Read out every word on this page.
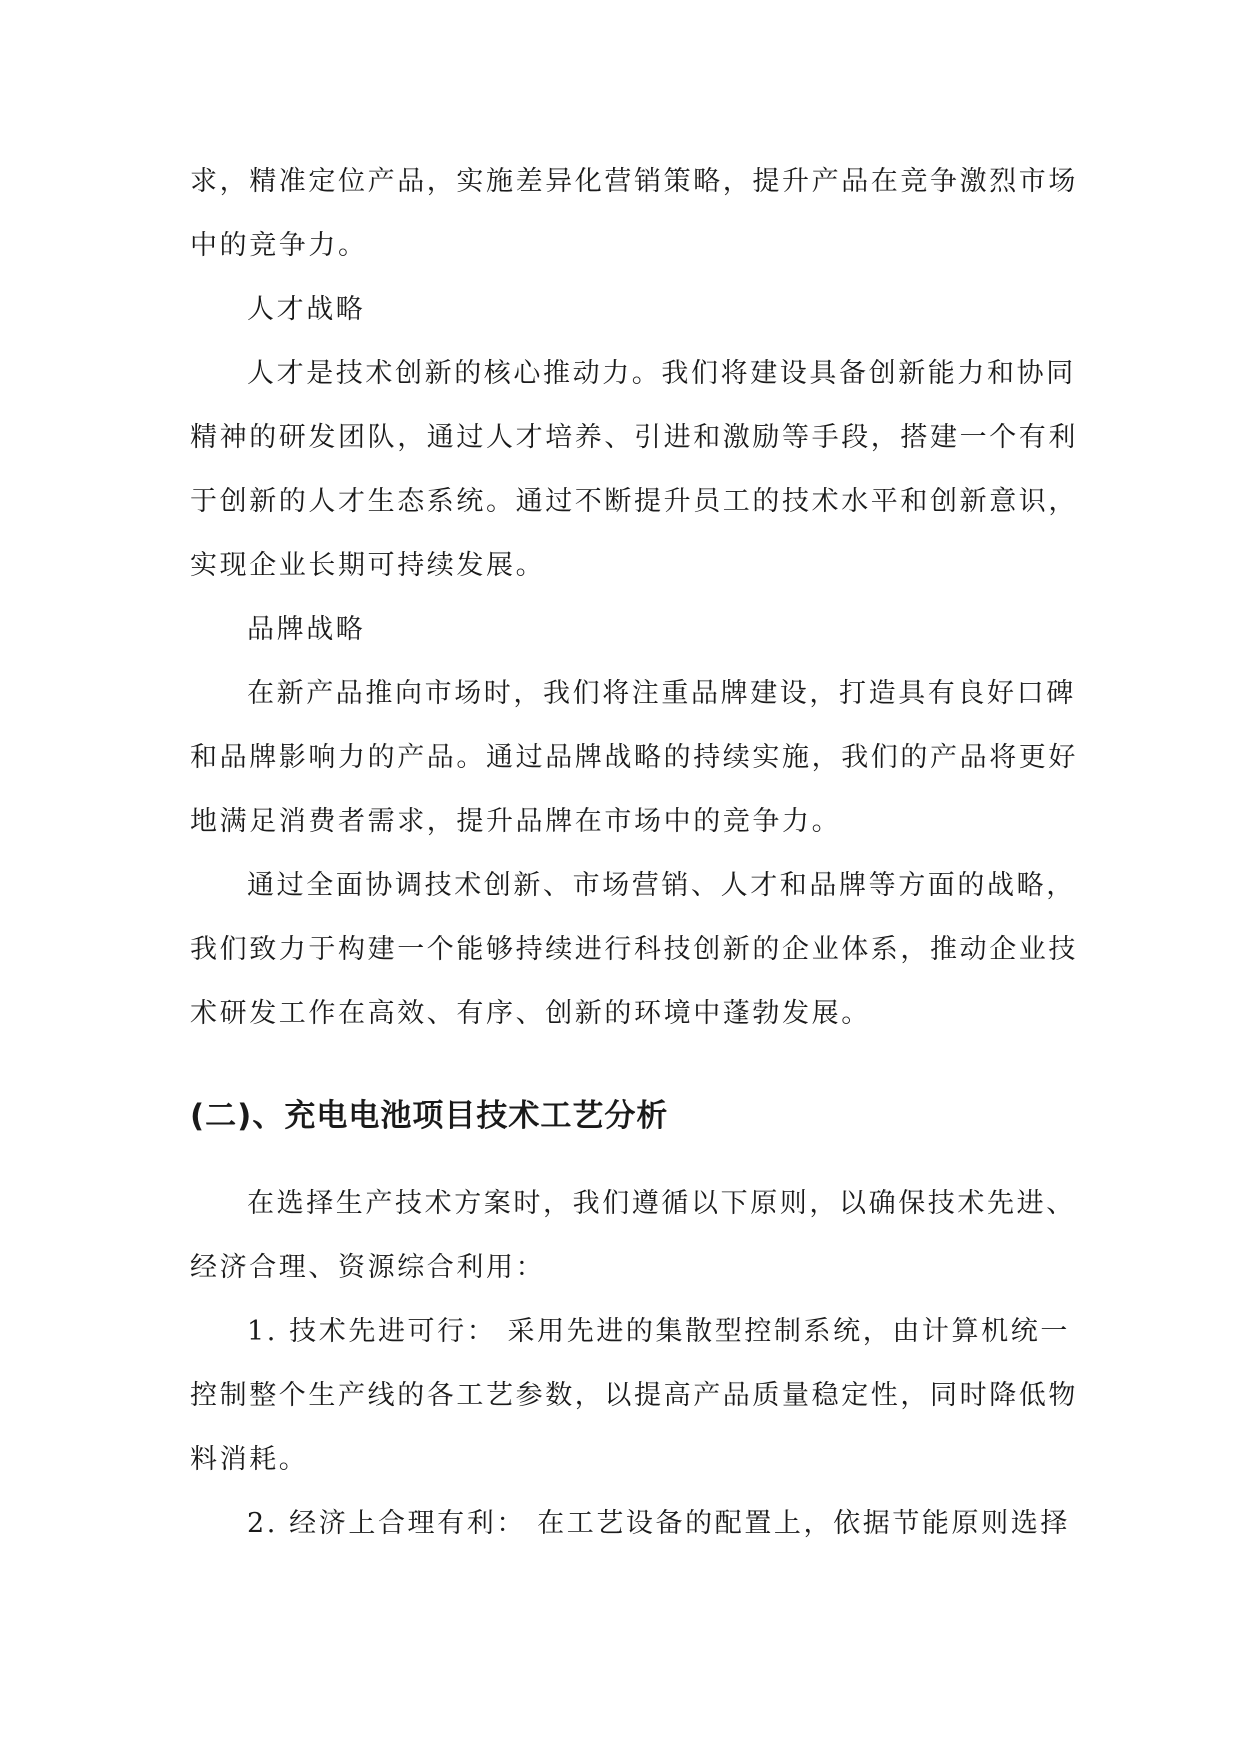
求，精准定位产品，实施差异化营销策略，提升产品在竞争激烈市场
中的竞争力。
人才战略
人才是技术创新的核心推动力。我们将建设具备创新能力和协同
精神的研发团队，通过人才培养、引进和激励等手段，搭建一个有利
于创新的人才生态系统。通过不断提升员工的技术水平和创新意识，
实现企业长期可持续发展。
品牌战略
在新产品推向市场时，我们将注重品牌建设，打造具有良好口碑
和品牌影响力的产品。通过品牌战略的持续实施，我们的产品将更好
地满足消费者需求，提升品牌在市场中的竞争力。
通过全面协调技术创新、市场营销、人才和品牌等方面的战略，
我们致力于构建一个能够持续进行科技创新的企业体系，推动企业技
术研发工作在高效、有序、创新的环境中蓬勃发展。
(二)、充电电池项目技术工艺分析
在选择生产技术方案时，我们遵循以下原则，以确保技术先进、
经济合理、资源综合利用：
1. 技术先进可行： 采用先进的集散型控制系统，由计算机统一
控制整个生产线的各工艺参数，以提高产品质量稳定性，同时降低物
料消耗。
2. 经济上合理有利： 在工艺设备的配置上，依据节能原则选择
